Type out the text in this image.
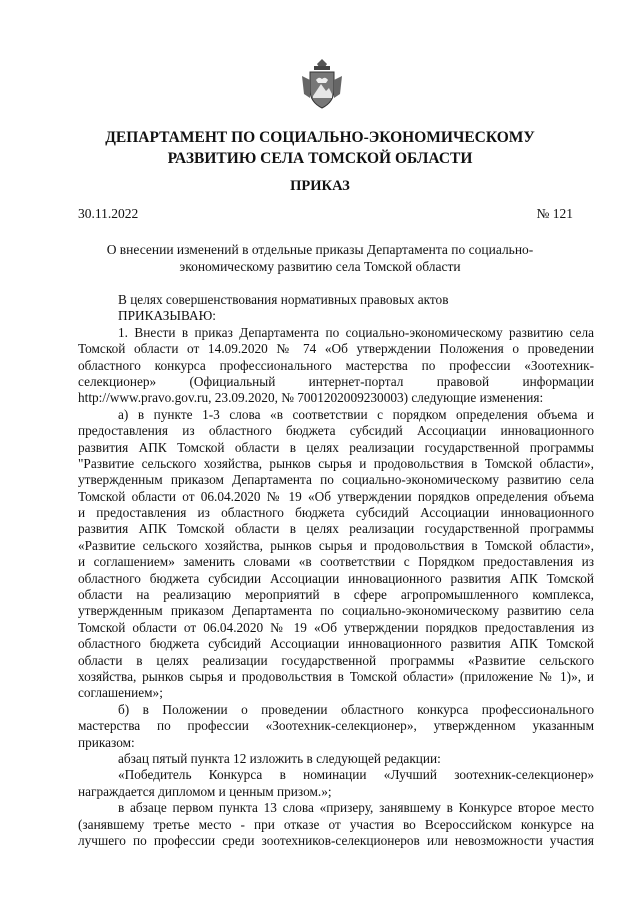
ДЕПАРТАМЕНТ ПО СОЦИАЛЬНО-ЭКОНОМИЧЕСКОМУ
РАЗВИТИЮ СЕЛА ТОМСКОЙ ОБЛАСТИ
ПРИКАЗ
30.11.2022	№ 121
О внесении изменений в отдельные приказы Департамента по социально-
экономическому развитию села Томской области
В целях совершенствования нормативных правовых актов
ПРИКАЗЫВАЮ:
1. Внести в приказ Департамента по социально-экономическому развитию села
Томской области от 14.09.2020 № 74 «Об утверждении Положения о проведении
областного конкурса профессионального мастерства по профессии «Зоотехник-
селекционер» (Официальный интернет-портал правовой информации
http://www.pravo.gov.ru, 23.09.2020, № 7001202009230003) следующие изменения:
а) в пункте 1-3 слова «в соответствии с порядком определения объема и
предоставления из областного бюджета субсидий Ассоциации инновационного
развития АПК Томской области в целях реализации государственной программы
"Развитие сельского хозяйства, рынков сырья и продовольствия в Томской области»,
утвержденным приказом Департамента по социально-экономическому развитию села
Томской области от 06.04.2020 № 19 «Об утверждении порядков определения объема
и предоставления из областного бюджета субсидий Ассоциации инновационного
развития АПК Томской области в целях реализации государственной программы
«Развитие сельского хозяйства, рынков сырья и продовольствия в Томской области»,
и соглашением» заменить словами «в соответствии с Порядком предоставления из
областного бюджета субсидии Ассоциации инновационного развития АПК Томской
области на реализацию мероприятий в сфере агропромышленного комплекса,
утвержденным приказом Департамента по социально-экономическому развитию села
Томской области от 06.04.2020 № 19 «Об утверждении порядков предоставления из
областного бюджета субсидий Ассоциации инновационного развития АПК Томской
области в целях реализации государственной программы «Развитие сельского
хозяйства, рынков сырья и продовольствия в Томской области» (приложение № 1)», и
соглашением»;
б) в Положении о проведении областного конкурса профессионального
мастерства по профессии «Зоотехник-селекционер», утвержденном указанным
приказом:
абзац пятый пункта 12 изложить в следующей редакции:
«Победитель Конкурса в номинации «Лучший зоотехник-селекционер»
награждается дипломом и ценным призом.»;
в абзаце первом пункта 13 слова «призеру, занявшему в Конкурсе второе место
(занявшему третье место - при отказе от участия во Всероссийском конкурсе на
лучшего по профессии среди зоотехников-селекционеров или невозможности участия
